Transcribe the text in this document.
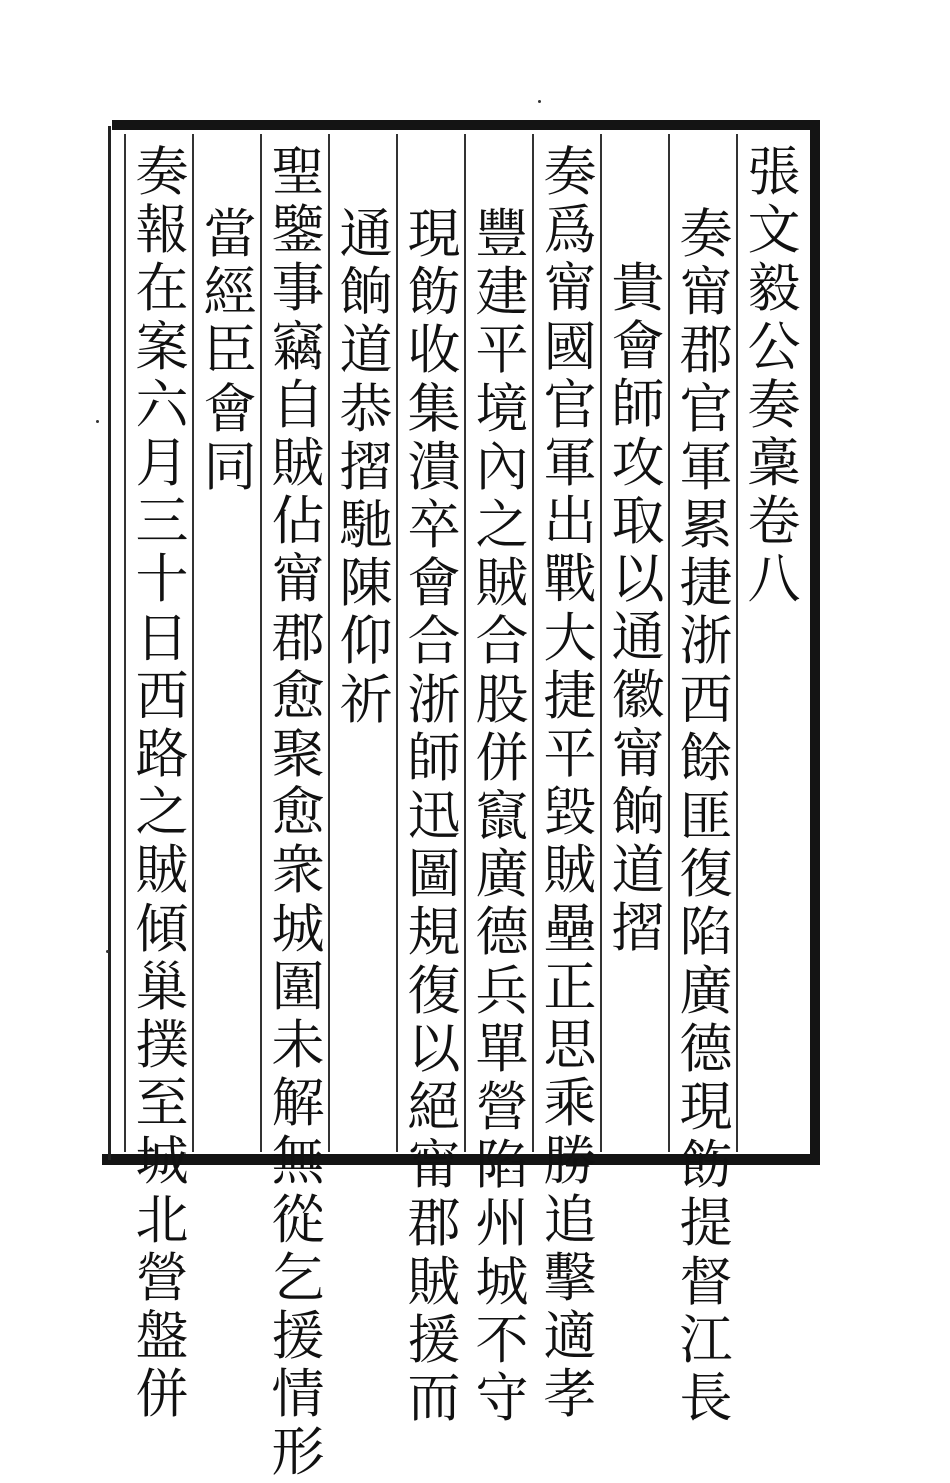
張
文
毅
公
奏
稾
卷
八
奏
甯
郡
官
軍
累
捷
浙
西
餘
匪
復
陷
廣
德
現
飭
提
督
江
長
貴
會
師
攻
取
以
通
徽
甯
餉
道
摺
奏
爲
甯
國
官
軍
出
戰
大
捷
平
毀
賊
壘
正
思
乘
勝
追
擊
適
孝
豐
建
平
境
內
之
賊
合
股
併
竄
廣
德
兵
單
營
陷
州
城
不
守
現
飭
收
集
潰
卒
會
合
浙
師
迅
圖
規
復
以
絕
甯
郡
賊
援
而
通
餉
道
恭
摺
馳
陳
仰
祈
聖
鑒
事
竊
自
賊
佔
甯
郡
愈
聚
愈
衆
城
圍
未
解
無
從
乞
援
情
形
當
經
臣
會
同
奏
報
在
案
六
月
三
十
日
西
路
之
賊
傾
巢
撲
至
城
北
營
盤
併
